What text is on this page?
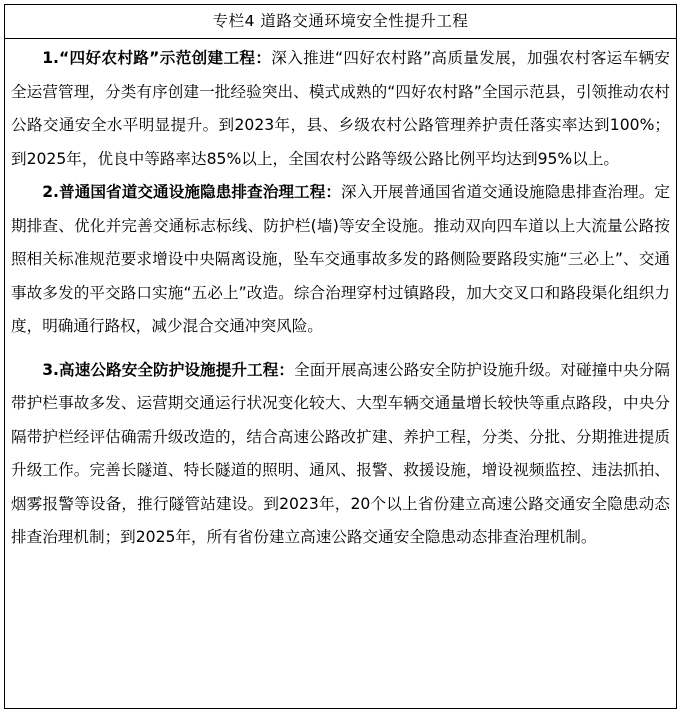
专栏4 道路交通环境安全性提升工程

1.“四好农村路”示范创建工程：深入推进“四好农村路”高质量发展，加强农村客运车辆安全运营管理，分类有序创建一批经验突出、模式成熟的“四好农村路”全国示范县，引领推动农村公路交通安全水平明显提升。到2023年，县、乡级农村公路管理养护责任落实率达到100%；到2025年，优良中等路率达85%以上，全国农村公路等级公路比例平均达到95%以上。

2.普通国省道交通设施隐患排查治理工程：深入开展普通国省道交通设施隐患排查治理。定期排查、优化并完善交通标志标线、防护栏(墙)等安全设施。推动双向四车道以上大流量公路按照相关标准规范要求增设中央隔离设施，坠车交通事故多发的路侧险要路段实施“三必上”、交通事故多发的平交路口实施“五必上”改造。综合治理穿村过镇路段，加大交叉口和路段渠化组织力度，明确通行路权，减少混合交通冲突风险。

3.高速公路安全防护设施提升工程：全面开展高速公路安全防护设施升级。对碰撞中央分隔带护栏事故多发、运营期交通运行状况变化较大、大型车辆交通量增长较快等重点路段，中央分隔带护栏经评估确需升级改造的，结合高速公路改扩建、养护工程，分类、分批、分期推进提质升级工作。完善长隧道、特长隧道的照明、通风、报警、救援设施，增设视频监控、违法抓拍、烟雾报警等设备，推行隧管站建设。到2023年，20个以上省份建立高速公路交通安全隐患动态排查治理机制；到2025年，所有省份建立高速公路交通安全隐患动态排查治理机制。
